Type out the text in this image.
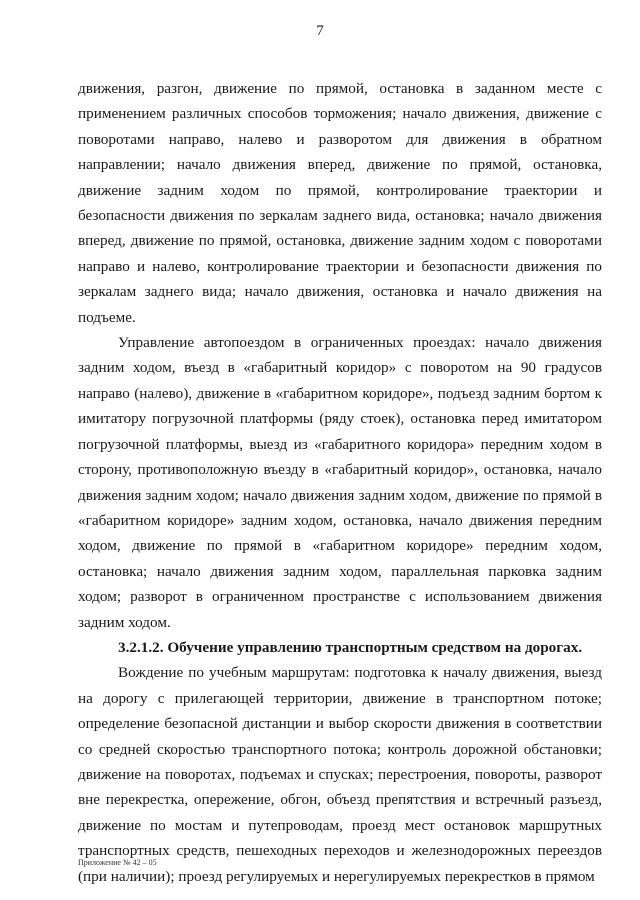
7

движения, разгон, движение по прямой, остановка в заданном месте с применением различных способов торможения; начало движения, движение с поворотами направо, налево и разворотом для движения в обратном направлении; начало движения вперед, движение по прямой, остановка, движение задним ходом по прямой, контролирование траектории и безопасности движения по зеркалам заднего вида, остановка; начало движения вперед, движение по прямой, остановка, движение задним ходом с поворотами направо и налево, контролирование траектории и безопасности движения по зеркалам заднего вида; начало движения, остановка и начало движения на подъеме.

Управление автопоездом в ограниченных проездах: начало движения задним ходом, въезд в «габаритный коридор» с поворотом на 90 градусов направо (налево), движение в «габаритном коридоре», подъезд задним бортом к имитатору погрузочной платформы (ряду стоек), остановка перед имитатором погрузочной платформы, выезд из «габаритного коридора» передним ходом в сторону, противоположную въезду в «габаритный коридор», остановка, начало движения задним ходом; начало движения задним ходом, движение по прямой в «габаритном коридоре» задним ходом, остановка, начало движения передним ходом, движение по прямой в «габаритном коридоре» передним ходом, остановка; начало движения задним ходом, параллельная парковка задним ходом; разворот в ограниченном пространстве с использованием движения задним ходом.

3.2.1.2. Обучение управлению транспортным средством на дорогах.

Вождение по учебным маршрутам: подготовка к началу движения, выезд на дорогу с прилегающей территории, движение в транспортном потоке; определение безопасной дистанции и выбор скорости движения в соответствии со средней скоростью транспортного потока; контроль дорожной обстановки; движение на поворотах, подъемах и спусках; перестроения, повороты, разворот вне перекрестка, опережение, обгон, объезд препятствия и встречный разъезд, движение по мостам и путепроводам, проезд мест остановок маршрутных транспортных средств, пешеходных переходов и железнодорожных переездов (при наличии); проезд регулируемых и нерегулируемых перекрестков в прямом

Приложение № 42 – 05
